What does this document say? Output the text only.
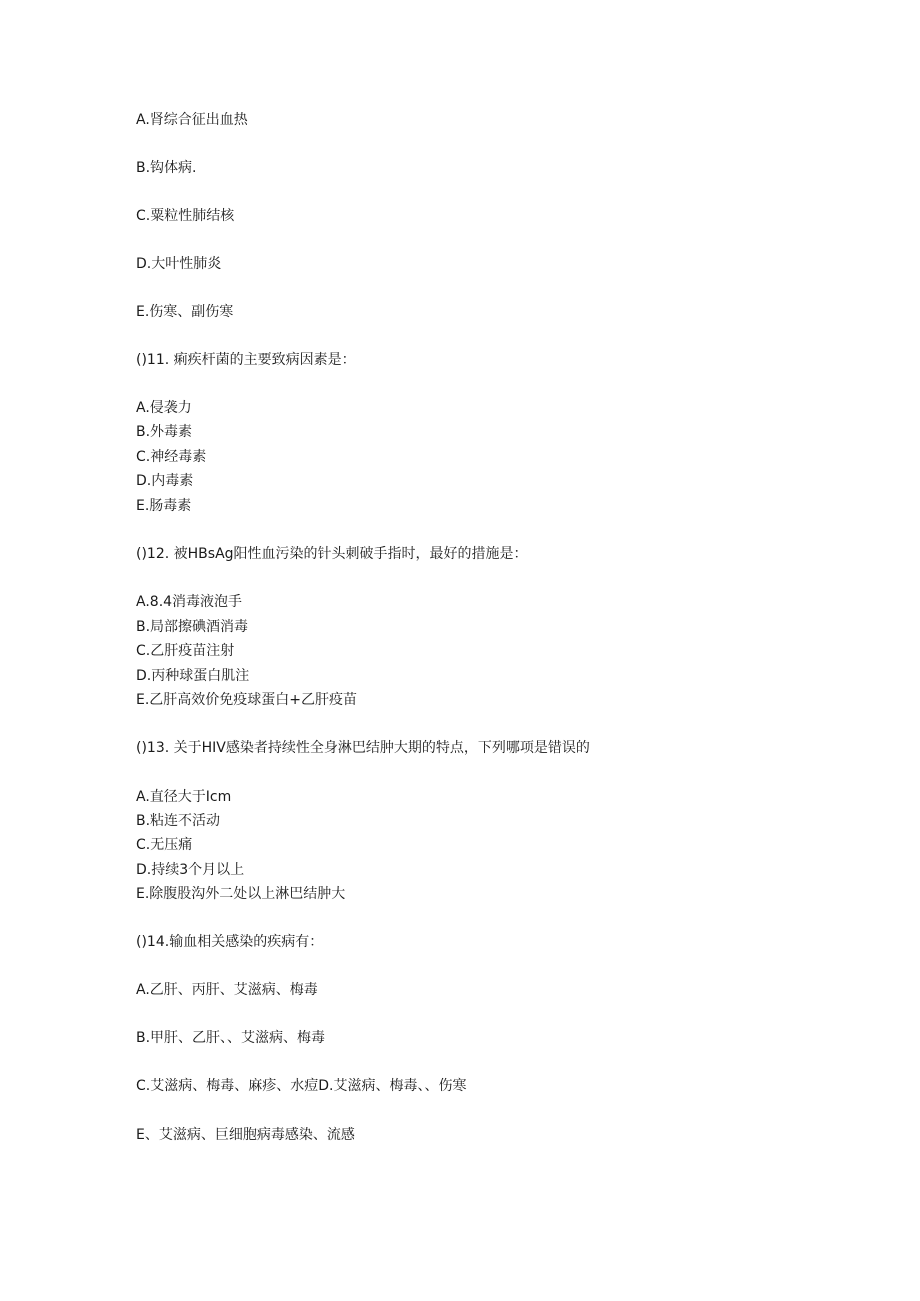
A.肾综合征出血热
B.钩体病.
C.粟粒性肺结核
D.大叶性肺炎
E.伤寒、副伤寒
()11. 痢疾杆菌的主要致病因素是：
A.侵袭力
B.外毒素
C.神经毒素
D.内毒素
E.肠毒素
()12. 被HBsAg阳性血污染的针头刺破手指时，最好的措施是：
A.8.4消毒液泡手
B.局部擦碘酒消毒
C.乙肝疫苗注射
D.丙种球蛋白肌注
E.乙肝高效价免疫球蛋白+乙肝疫苗
()13. 关于HIV感染者持续性全身淋巴结肿大期的特点，下列哪项是错误的
A.直径大于Icm
B.粘连不活动
C.无压痛
D.持续3个月以上
E.除腹股沟外二处以上淋巴结肿大
()14.输血相关感染的疾病有：
A.乙肝、丙肝、艾滋病、梅毒
B.甲肝、乙肝、、艾滋病、梅毒
C.艾滋病、梅毒、麻疹、水痘D.艾滋病、梅毒、、伤寒
E、艾滋病、巨细胞病毒感染、流感
